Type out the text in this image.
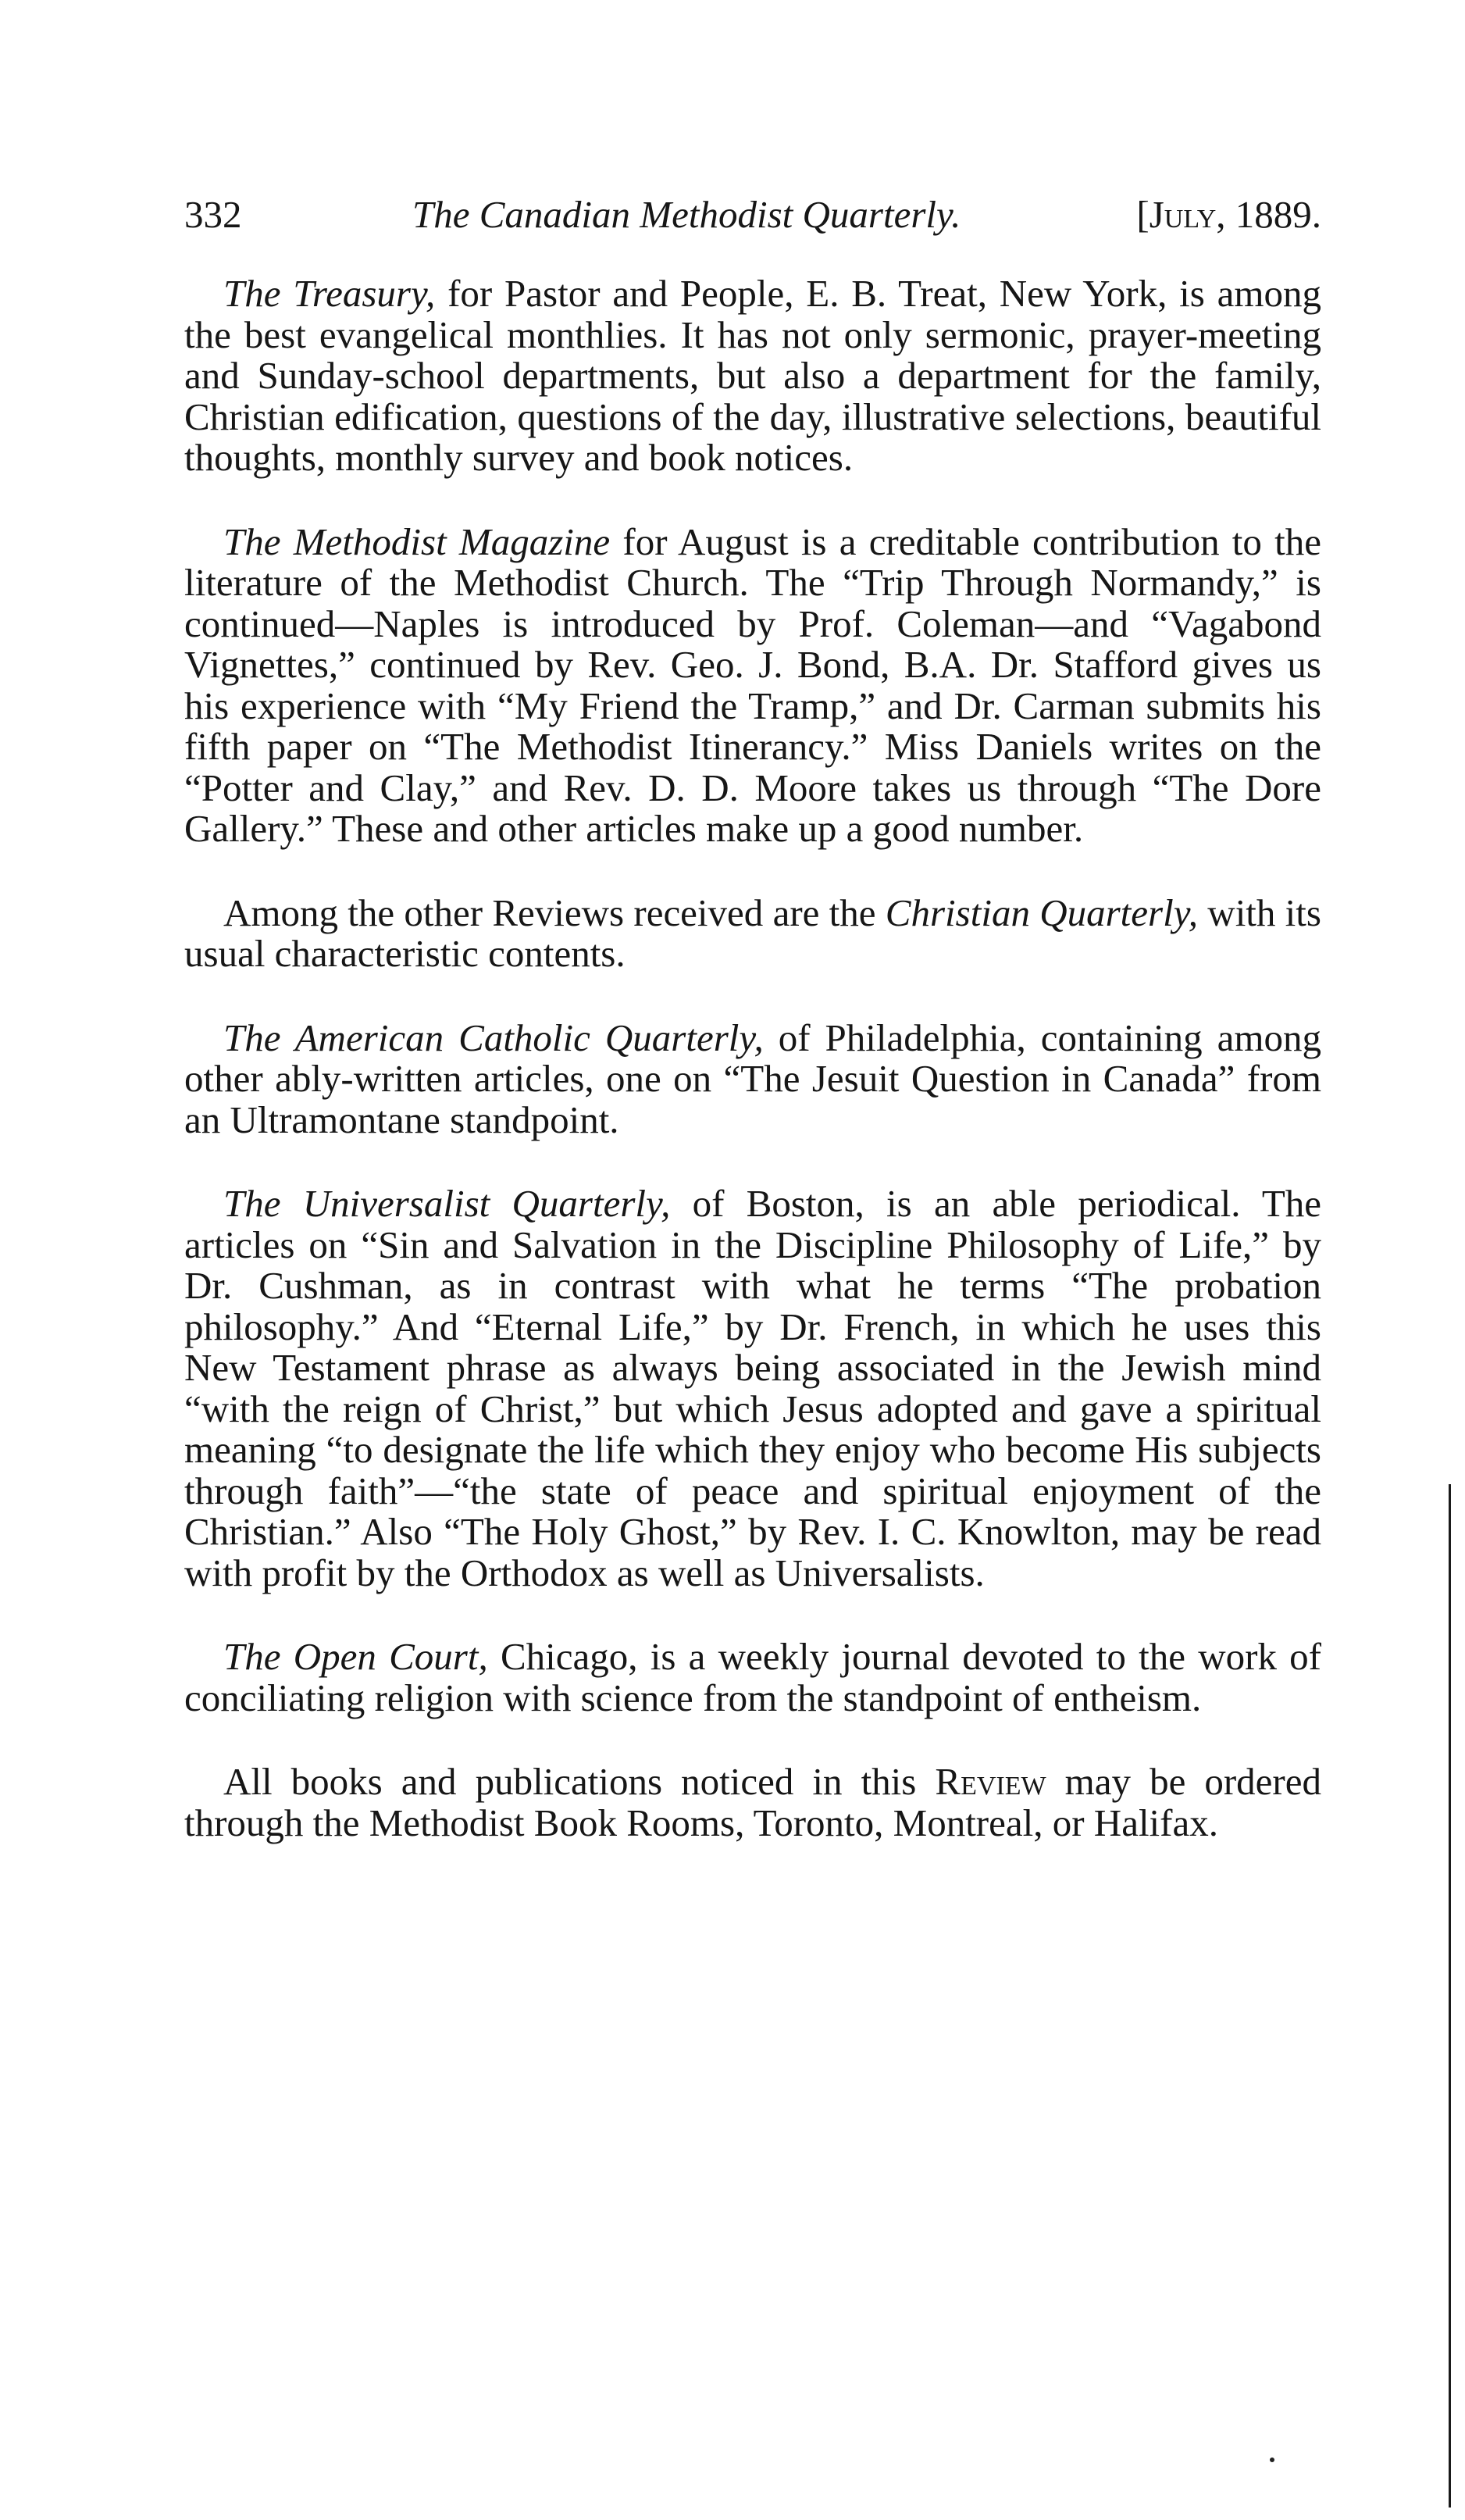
332	The Canadian Methodist Quarterly.
[	July, 1889.

The Treasury, for Pastor and People, E. B. Treat, New York, is among the best evangelical monthlies. It has not only sermonic, prayer-meeting and Sunday-school departments, but also a department for the family, Christian edification, questions of the day, illustrative selections, beautiful thoughts, monthly survey and book notices.

The Methodist Magazine for August is a creditable contribution to the literature of the Methodist Church. The “Trip Through Normandy,” is continued—Naples is introduced by Prof. Coleman—and “Vagabond Vignettes,” continued by Rev. Geo. J. Bond, B.A. Dr. Stafford gives us his experience with “My Friend the Tramp,” and Dr. Carman submits his fifth paper on “The Methodist Itinerancy.” Miss Daniels writes on the “Potter and Clay,” and Rev. D. D. Moore takes us through “The Dore Gallery.” These and other articles make up a good number.

Among the other Reviews received are the Christian Quarterly, with its usual characteristic contents.

The American Catholic Quarterly, of Philadelphia, containing among other ably-written articles, one on “The Jesuit Question in Canada” from an Ultramontane standpoint.

The Universalist Quarterly, of Boston, is an able periodical. The articles on “Sin and Salvation in the Discipline Philosophy of Life,” by Dr. Cushman, as in contrast with what he terms “The probation philosophy.” And “Eternal Life,” by Dr. French, in which he uses this New Testament phrase as always being associated in the Jewish mind “with the reign of Christ,” but which Jesus adopted and gave a spiritual meaning “to designate the life which they enjoy who become His subjects through faith”—“the state of peace and spiritual enjoyment of the Christian.” Also “The Holy Ghost,” by Rev. I. C. Knowlton, may be read with profit by the Orthodox as well as Universalists.

The Open Court, Chicago, is a weekly journal devoted to the work of conciliating religion with science from the standpoint of entheism.

All books and publications noticed in this Review may be ordered through the Methodist Book Rooms, Toronto, Montreal, or Halifax.
